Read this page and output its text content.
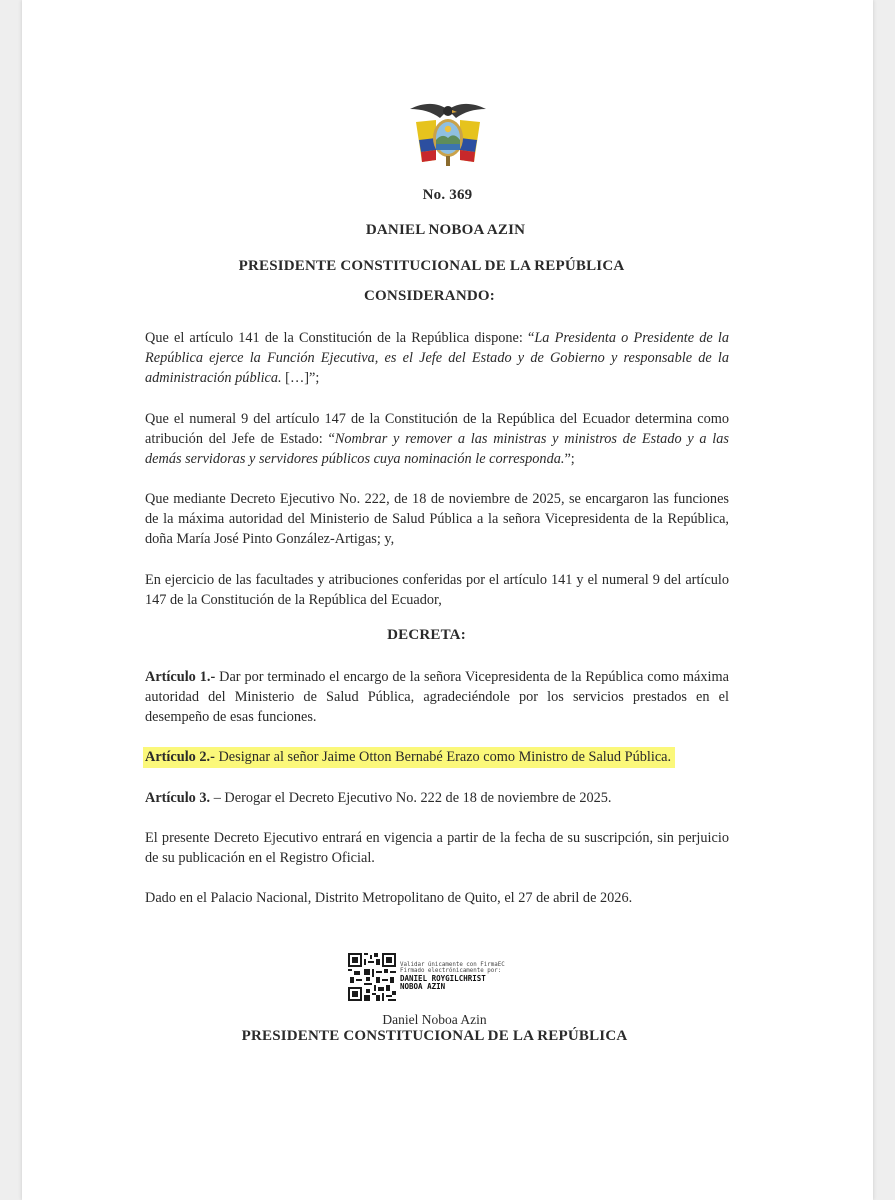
No. 369
DANIEL NOBOA AZIN
PRESIDENTE CONSTITUCIONAL DE LA REPÚBLICA
CONSIDERANDO:

Que el artículo 141 de la Constitución de la República dispone: “La Presidenta o Presidente de la República ejerce la Función Ejecutiva, es el Jefe del Estado y de Gobierno y responsable de la administración pública. […]”;

Que el numeral 9 del artículo 147 de la Constitución de la República del Ecuador determina como atribución del Jefe de Estado: “Nombrar y remover a las ministras y ministros de Estado y a las demás servidoras y servidores públicos cuya nominación le corresponda.”;

Que mediante Decreto Ejecutivo No. 222, de 18 de noviembre de 2025, se encargaron las funciones de la máxima autoridad del Ministerio de Salud Pública a la señora Vicepresidenta de la República, doña María José Pinto González-Artigas; y,

En ejercicio de las facultades y atribuciones conferidas por el artículo 141 y el numeral 9 del artículo 147 de la Constitución de la República del Ecuador,

DECRETA:

Artículo 1.- Dar por terminado el encargo de la señora Vicepresidenta de la República como máxima autoridad del Ministerio de Salud Pública, agradeciéndole por los servicios prestados en el desempeño de esas funciones.

Artículo 2.- Designar al señor Jaime Otton Bernabé Erazo como Ministro de Salud Pública.

Artículo 3. – Derogar el Decreto Ejecutivo No. 222 de 18 de noviembre de 2025.

El presente Decreto Ejecutivo entrará en vigencia a partir de la fecha de su suscripción, sin perjuicio de su publicación en el Registro Oficial.

Dado en el Palacio Nacional, Distrito Metropolitano de Quito, el 27 de abril de 2026.

Validar únicamente con FirmaEC
Firmado electrónicamente por:
DANIEL ROYGILCHRIST
NOBOA AZIN
Daniel Noboa Azin
PRESIDENTE CONSTITUCIONAL DE LA REPÚBLICA
